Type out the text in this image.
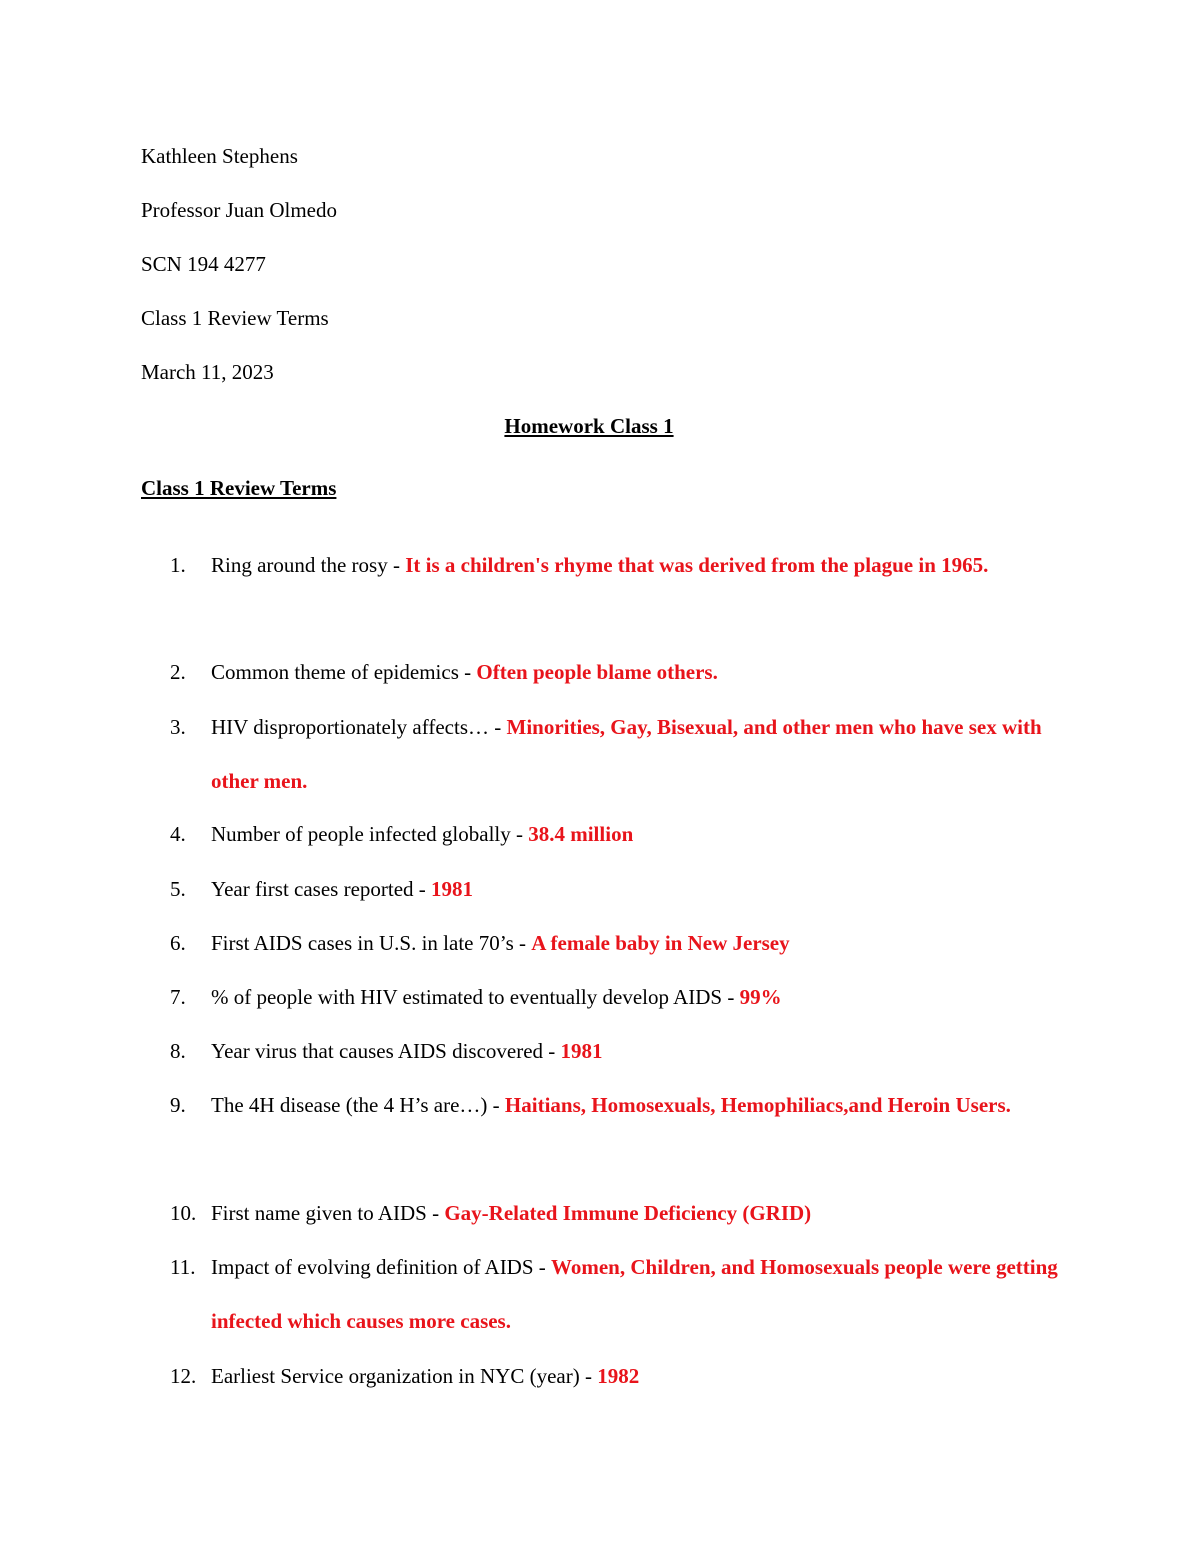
Kathleen Stephens
Professor Juan Olmedo
SCN 194 4277
Class 1 Review Terms
March 11, 2023
Homework Class 1
Class 1 Review Terms
1.	Ring around the rosy - It is a children's rhyme that was derived from the plague in 1965.
2.	Common theme of epidemics - Often people blame others.
3.	HIV disproportionately affects… - Minorities, Gay, Bisexual, and other men who have sex with other men.
4.	Number of people infected globally - 38.4 million
5.	Year first cases reported - 1981
6.	First AIDS cases in U.S. in late 70’s - A female baby in New Jersey
7.	% of people with HIV estimated to eventually develop AIDS - 99%
8.	Year virus that causes AIDS discovered - 1981
9.	The 4H disease (the 4 H’s are…) - Haitians, Homosexuals, Hemophiliacs,and Heroin Users.
10. First name given to AIDS - Gay-Related Immune Deficiency (GRID)
11. Impact of evolving definition of AIDS - Women, Children, and Homosexuals people were getting infected which causes more cases.
12. Earliest Service organization in NYC (year) - 1982
